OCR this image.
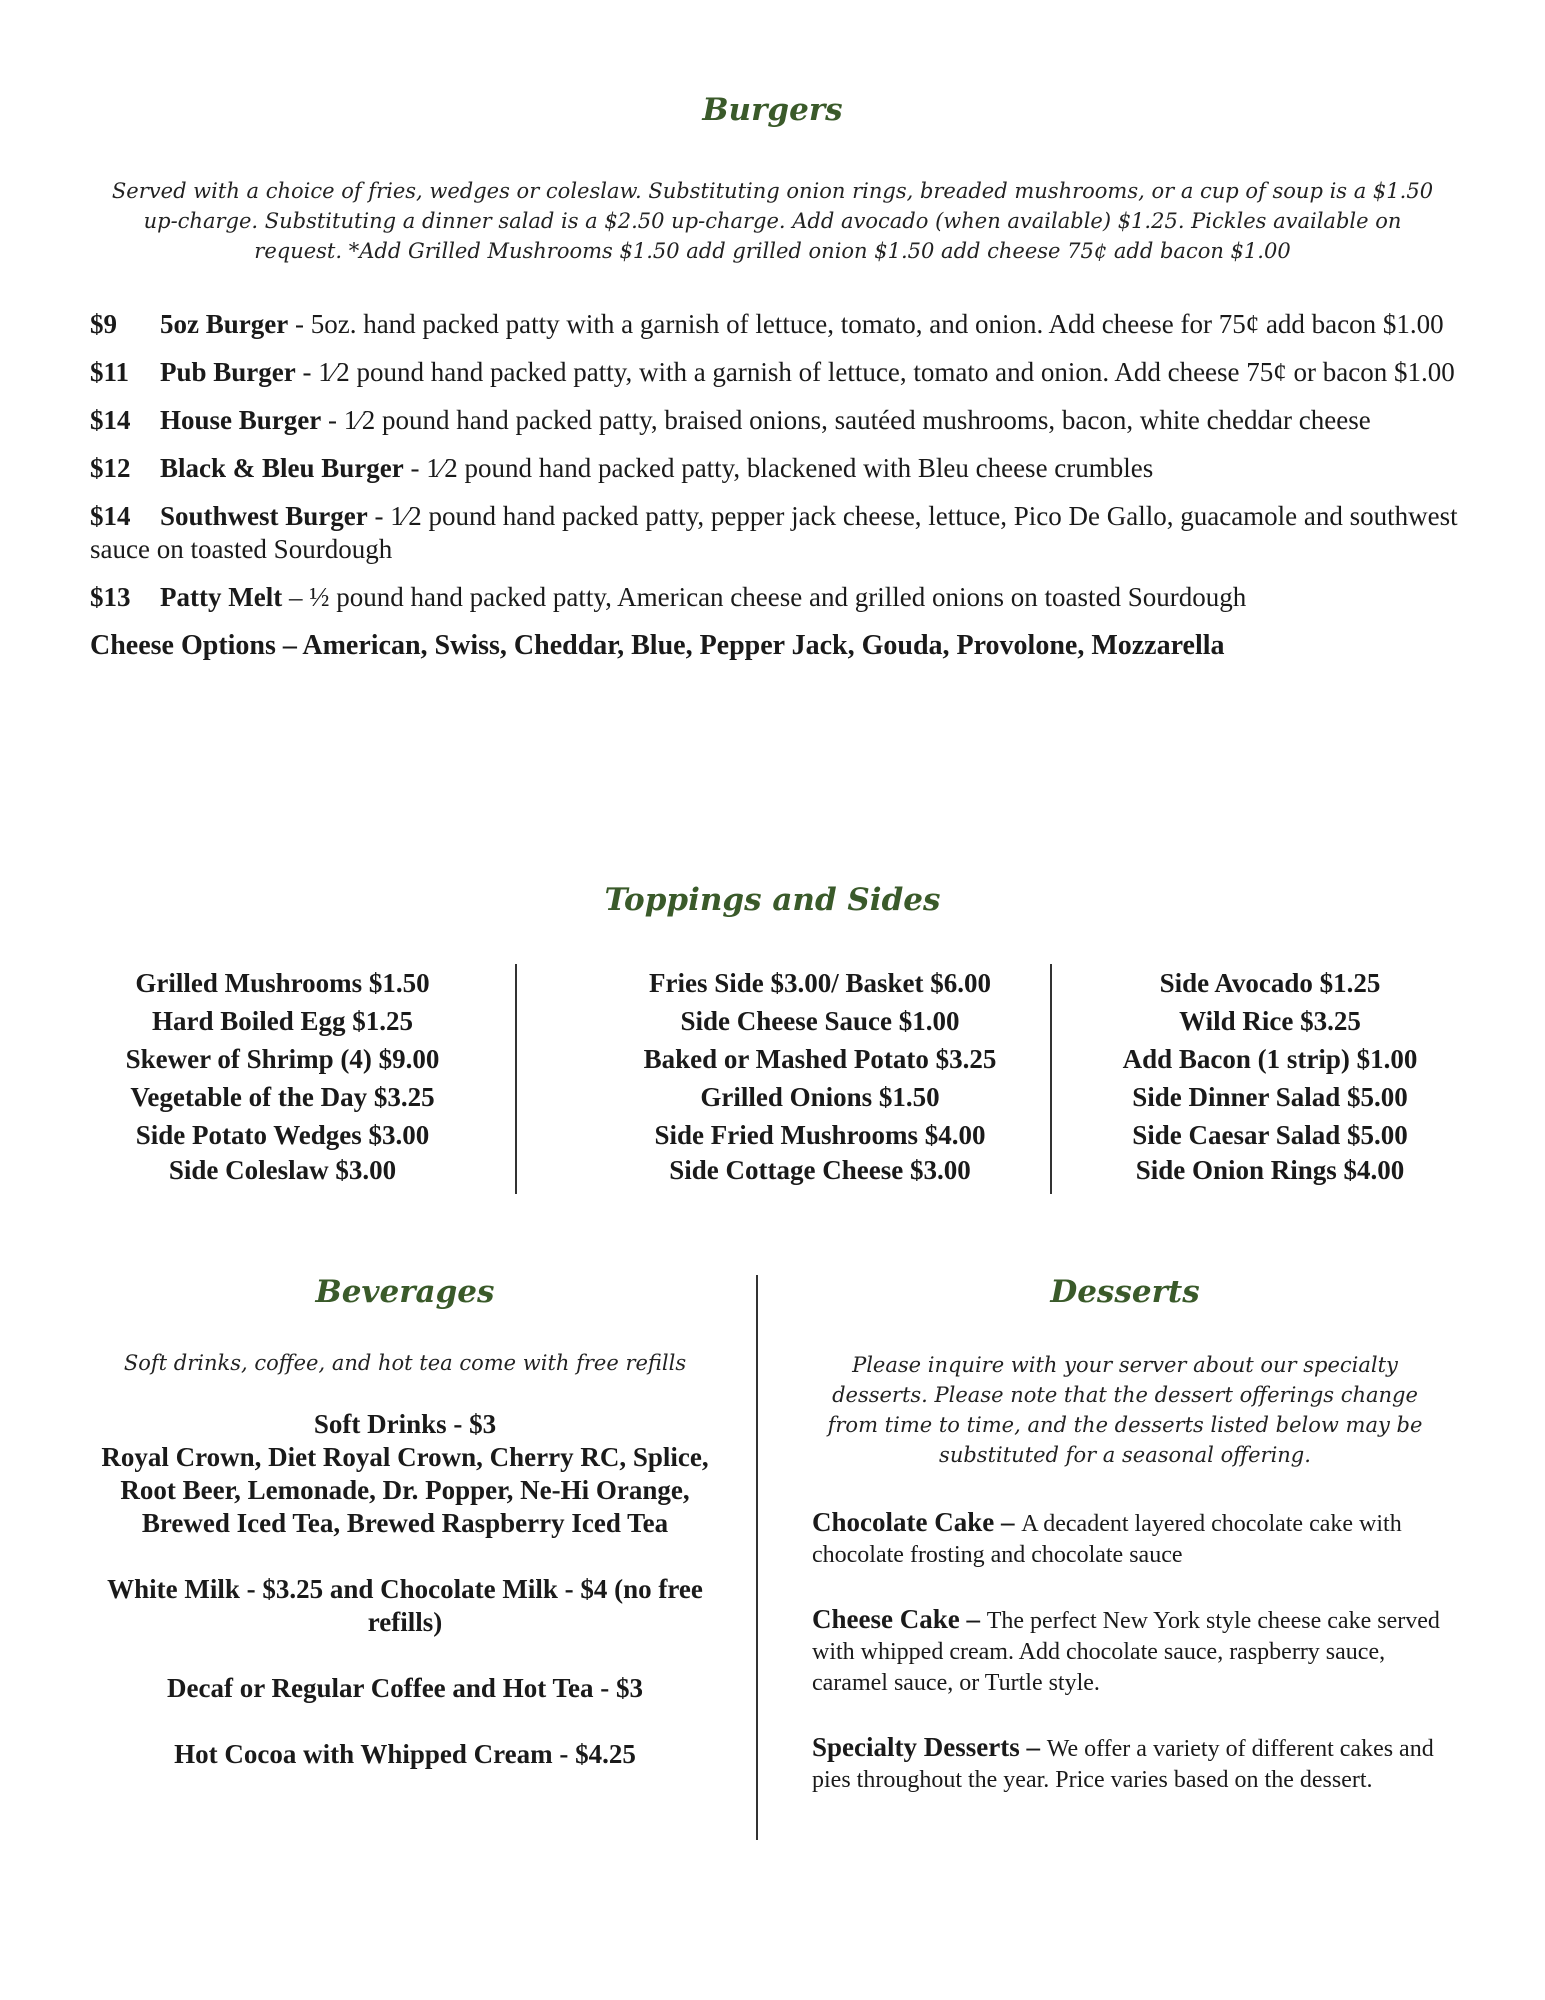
Burgers

Served with a choice of fries, wedges or coleslaw. Substituting onion rings, breaded mushrooms, or a cup of soup is a $1.50 up-charge. Substituting a dinner salad is a $2.50 up-charge. Add avocado (when available) $1.25. Pickles available on request. *Add Grilled Mushrooms $1.50 add grilled onion $1.50 add cheese 75¢ add bacon $1.00

$9 5oz Burger - 5oz. hand packed patty with a garnish of lettuce, tomato, and onion. Add cheese for 75¢ add bacon $1.00
$11 Pub Burger - 1⁄2 pound hand packed patty, with a garnish of lettuce, tomato and onion. Add cheese 75¢ or bacon $1.00
$14 House Burger - 1⁄2 pound hand packed patty, braised onions, sautéed mushrooms, bacon, white cheddar cheese
$12 Black & Bleu Burger - 1⁄2 pound hand packed patty, blackened with Bleu cheese crumbles
$14 Southwest Burger - 1⁄2 pound hand packed patty, pepper jack cheese, lettuce, Pico De Gallo, guacamole and southwest sauce on toasted Sourdough
$13 Patty Melt – ½ pound hand packed patty, American cheese and grilled onions on toasted Sourdough
Cheese Options – American, Swiss, Cheddar, Blue, Pepper Jack, Gouda, Provolone, Mozzarella
Toppings and Sides
Grilled Mushrooms $1.50
Hard Boiled Egg $1.25
Skewer of Shrimp (4) $9.00
Vegetable of the Day $3.25
Side Potato Wedges $3.00
Side Coleslaw $3.00
Fries Side $3.00/ Basket $6.00
Side Cheese Sauce $1.00
Baked or Mashed Potato $3.25
Grilled Onions $1.50
Side Fried Mushrooms $4.00
Side Cottage Cheese $3.00
Side Avocado $1.25
Wild Rice $3.25
Add Bacon (1 strip) $1.00
Side Dinner Salad $5.00
Side Caesar Salad $5.00
Side Onion Rings $4.00
Beverages

Soft drinks, coffee, and hot tea come with free refills

Soft Drinks - $3
Royal Crown, Diet Royal Crown, Cherry RC, Splice, Root Beer, Lemonade, Dr. Popper, Ne-Hi Orange, Brewed Iced Tea, Brewed Raspberry Iced Tea
White Milk - $3.25 and Chocolate Milk - $4 (no free refills)
Decaf or Regular Coffee and Hot Tea - $3
Hot Cocoa with Whipped Cream - $4.25
Desserts

Please inquire with your server about our specialty desserts. Please note that the dessert offerings change from time to time, and the desserts listed below may be substituted for a seasonal offering.

Chocolate Cake – A decadent layered chocolate cake with chocolate frosting and chocolate sauce
Cheese Cake – The perfect New York style cheese cake served with whipped cream. Add chocolate sauce, raspberry sauce, caramel sauce, or Turtle style.
Specialty Desserts – We offer a variety of different cakes and pies throughout the year. Price varies based on the dessert.
